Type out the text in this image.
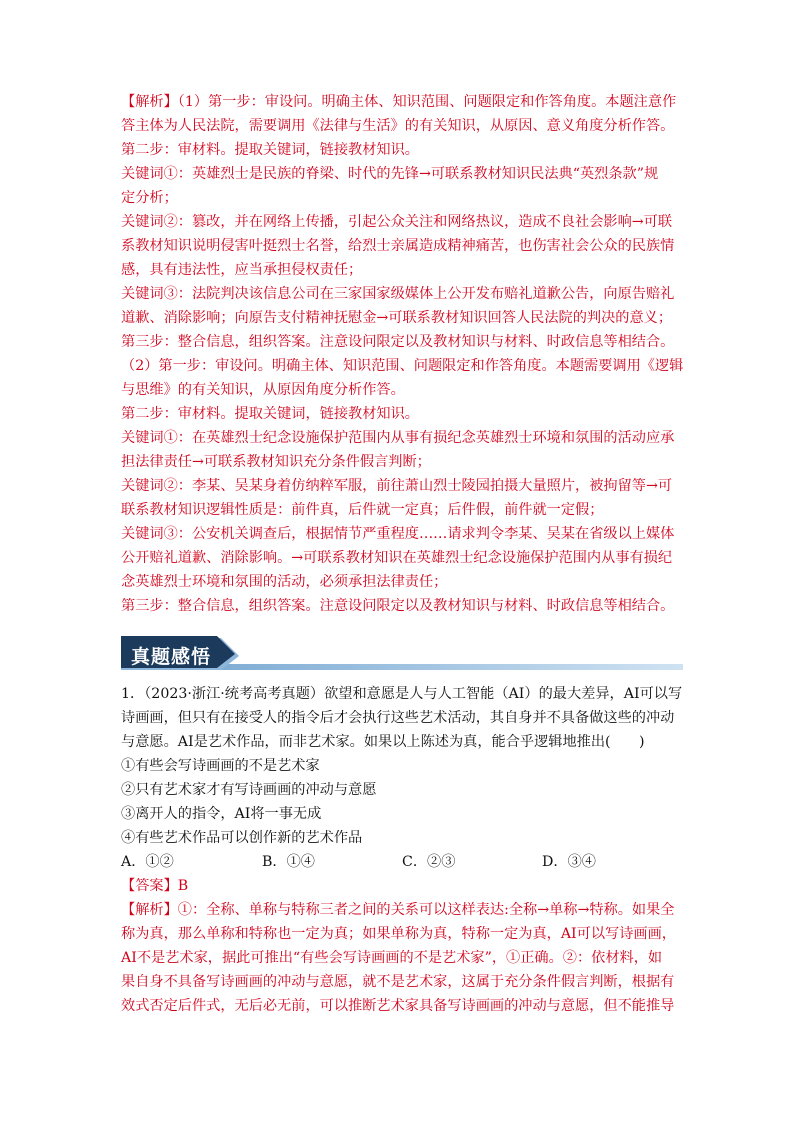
【解析】（1）第一步：审设问。明确主体、知识范围、问题限定和作答角度。本题注意作
答主体为人民法院，需要调用《法律与生活》的有关知识，从原因、意义角度分析作答。
第二步：审材料。提取关键词，链接教材知识。
关键词①：英雄烈士是民族的脊梁、时代的先锋→可联系教材知识民法典“英烈条款”规
定分析；
关键词②：篡改，并在网络上传播，引起公众关注和网络热议，造成不良社会影响→可联
系教材知识说明侵害叶挺烈士名誉，给烈士亲属造成精神痛苦，也伤害社会公众的民族情
感，具有违法性，应当承担侵权责任；
关键词③：法院判决该信息公司在三家国家级媒体上公开发布赔礼道歉公告，向原告赔礼
道歉、消除影响；向原告支付精神抚慰金→可联系教材知识回答人民法院的判决的意义；
第三步：整合信息，组织答案。注意设问限定以及教材知识与材料、时政信息等相结合。
（2）第一步：审设问。明确主体、知识范围、问题限定和作答角度。本题需要调用《逻辑
与思维》的有关知识，从原因角度分析作答。
第二步：审材料。提取关键词，链接教材知识。
关键词①：在英雄烈士纪念设施保护范围内从事有损纪念英雄烈士环境和氛围的活动应承
担法律责任→可联系教材知识充分条件假言判断；
关键词②：李某、吴某身着仿纳粹军服，前往萧山烈士陵园拍摄大量照片，被拘留等→可
联系教材知识逻辑性质是：前件真，后件就一定真；后件假，前件就一定假；
关键词③：公安机关调查后，根据情节严重程度……请求判令李某、吴某在省级以上媒体
公开赔礼道歉、消除影响。→可联系教材知识在英雄烈士纪念设施保护范围内从事有损纪
念英雄烈士环境和氛围的活动，必须承担法律责任；
第三步：整合信息，组织答案。注意设问限定以及教材知识与材料、时政信息等相结合。
真题感悟
1．（2023·浙江·统考高考真题）欲望和意愿是人与人工智能（AI）的最大差异，AI可以写
诗画画，但只有在接受人的指令后才会执行这些艺术活动，其自身并不具备做这些的冲动
与意愿。AI是艺术作品，而非艺术家。如果以上陈述为真，能合乎逻辑地推出(　　)
①有些会写诗画画的不是艺术家
②只有艺术家才有写诗画画的冲动与意愿
③离开人的指令，AI将一事无成
④有些艺术作品可以创作新的艺术作品
A．①②	B．①④	C．②③	D．③④
【答案】B
【解析】①：全称、单称与特称三者之间的关系可以这样表达:全称→单称→特称。如果全
称为真，那么单称和特称也一定为真；如果单称为真，特称一定为真，AI可以写诗画画，
AI不是艺术家，据此可推出“有些会写诗画画的不是艺术家”，①正确。②：依材料，如
果自身不具备写诗画画的冲动与意愿，就不是艺术家，这属于充分条件假言判断，根据有
效式否定后件式，无后必无前，可以推断艺术家具备写诗画画的冲动与意愿，但不能推导
